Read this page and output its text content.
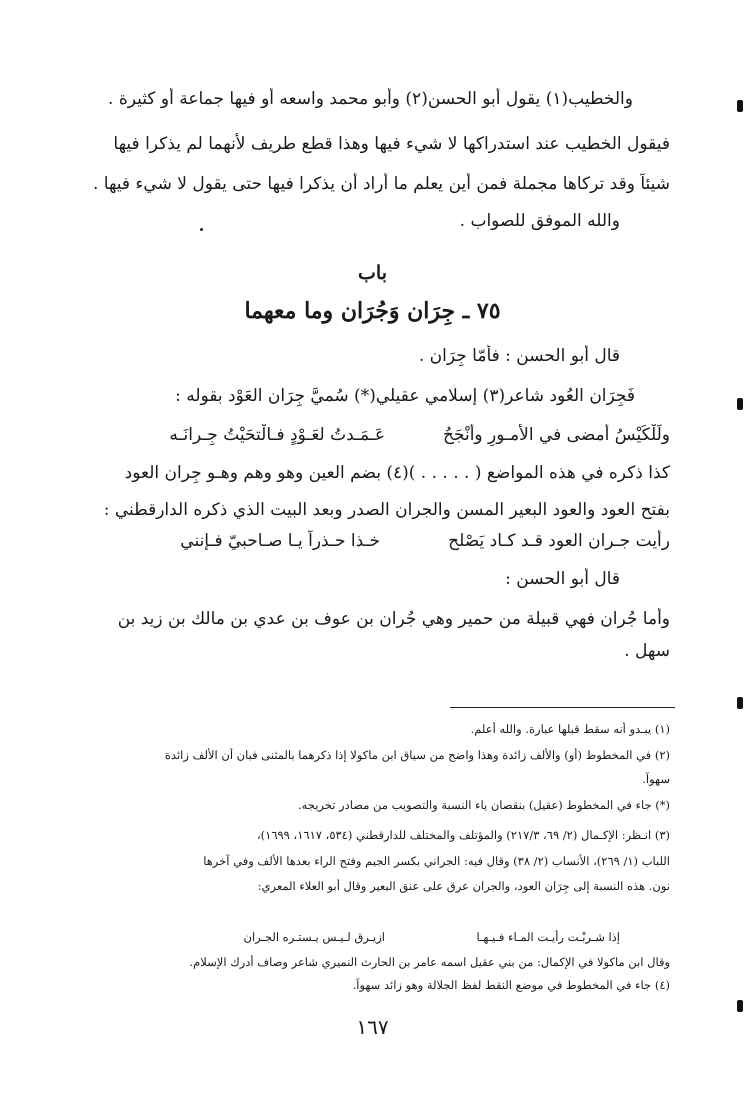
والخطيب(١) يقول أبو الحسن(٢) وأبو محمد واسعه أو فيها جماعة أو كثيرة .
فيقول الخطيب عند استدراكها لا شيء فيها وهذا قطع طريف لأنهما لم يذكرا فيها
شيئاً وقد تركاها مجملة فمن أين يعلم ما أراد أن يذكرا فيها حتى يقول لا شيء فيها .
والله الموفق للصواب .
باب
٧٥ ـ جِرَان وَجُرَان وما معهما
قال أبو الحسن : فأمّا جِرَان .
فَجِرَان العُود شاعر(٣) إسلامي عقيلي(*) سُميَّ جِرَان العَوْد بقوله :
عَـمَـدتُ لعَـوْدٍ فـالْتحَيْتُ جِـرانَـه	ولَلْكَيْسُ أمضى في الأمـورِ وأَنْجَحُ
كذا ذكره في هذه المواضع ( . . . . . )(٤) بضم العين وهو وهم وهـو جِران العود
بفتح العود والعود البعير المسن والجران الصدر وبعد البيت الذي ذكره الدارقطني :
خـذا حـذراً يـا صـاحبيّ فـإنني	رأيت جـران العود قـد كـاد يَصْلح
قال أبو الحسن :
وأما جُران فهي قبيلة من حمير وهي جُران بن عوف بن عدي بن مالك بن زيد بن
سهل .
(١) يبـدو أنه سقط قبلها عبارة. والله أعلم.
(٢) في المخطوط (أو) والألف زائدة وهذا واضح من سياق ابن ماكولا إذا ذكرهما بالمثنى فبان أن الألف زائدة
سهواً.
(*) جاء في المخطوط (عقيل) بنقصان ياء النسبة والتصويب من مصادر تخريجه.
(٣) انـظر: الإكـمال (٢/ ٦٩، ٢١٧/٣) والمؤتلف والمختلف للدارقطني (٥٣٤، ١٦١٧، ١٦٩٩)،
اللباب (١/ ٢٦٩)، الأنساب (٢/ ٣٨) وقال فيه: الجراني بكسر الجيم وفتح الراء بعدها الألف وفي آخرها
نون. هذه النسبة إلى جِرَان العود، والجران عرق على عنق البعير وقال أبو العلاء المعري:
إذا شـربْـت رأيـت المـاء فـيـهـا
ازيـرق لـيـس يـستـره الجـران
وقال ابن ماكولا في الإكمال: من بني عقيل اسمه عامر بن الحارث النميري شاعر وصاف أدرك الإسلام.
(٤) جاء في المخطوط في موضع النقط لفظ الجلالة وهو زائد سهواً.
١٦٧
